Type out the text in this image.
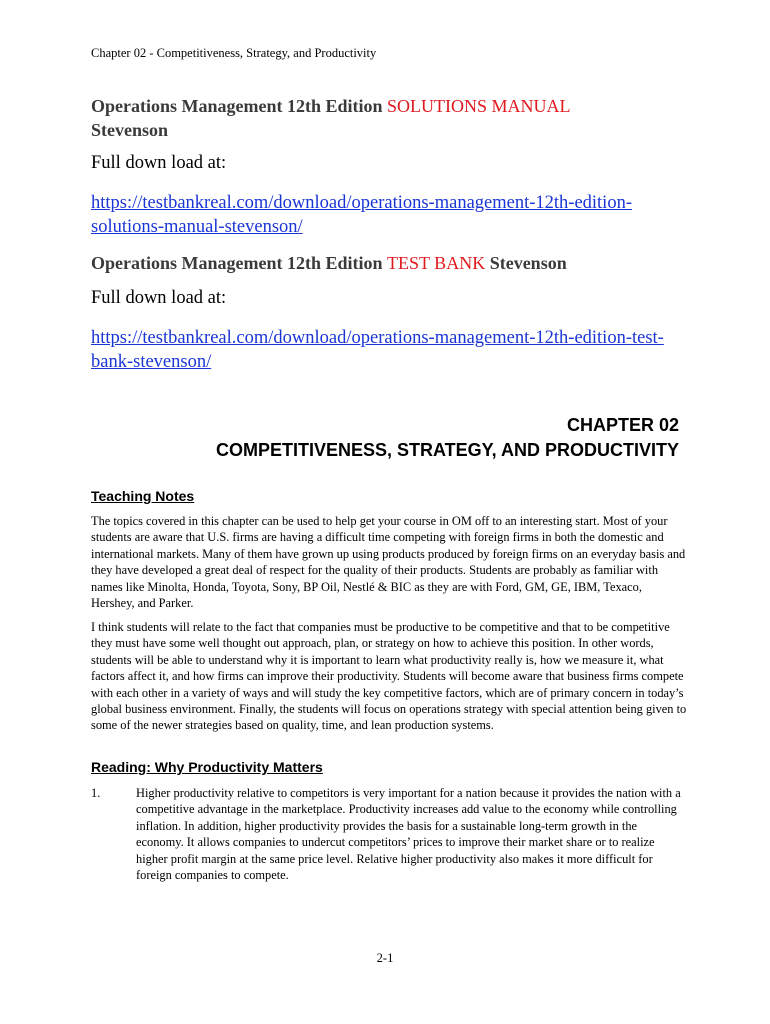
Chapter 02 - Competitiveness, Strategy, and Productivity
Operations Management 12th Edition SOLUTIONS MANUAL
Stevenson
Full down load at:
https://testbankreal.com/download/operations-management-12th-edition-
solutions-manual-stevenson/
Operations Management 12th Edition TEST BANK Stevenson
Full down load at:
https://testbankreal.com/download/operations-management-12th-edition-test-
bank-stevenson/
CHAPTER 02
COMPETITIVENESS, STRATEGY, AND PRODUCTIVITY
Teaching Notes

The topics covered in this chapter can be used to help get your course in OM off to an interesting start. Most of your students are aware that U.S. firms are having a difficult time competing with foreign firms in both the domestic and international markets. Many of them have grown up using products produced by foreign firms on an everyday basis and they have developed a great deal of respect for the quality of their products. Students are probably as familiar with names like Minolta, Honda, Toyota, Sony, BP Oil, Nestlé & BIC as they are with Ford, GM, GE, IBM, Texaco, Hershey, and Parker.

I think students will relate to the fact that companies must be productive to be competitive and that to be competitive they must have some well thought out approach, plan, or strategy on how to achieve this position. In other words, students will be able to understand why it is important to learn what productivity really is, how we measure it, what factors affect it, and how firms can improve their productivity. Students will become aware that business firms compete with each other in a variety of ways and will study the key competitive factors, which are of primary concern in today’s global business environment. Finally, the students will focus on operations strategy with special attention being given to some of the newer strategies based on quality, time, and lean production systems.

Reading: Why Productivity Matters
1.	Higher productivity relative to competitors is very important for a nation because it provides the nation with a competitive advantage in the marketplace. Productivity increases add value to the economy while controlling inflation. In addition, higher productivity provides the basis for a sustainable long-term growth in the economy. It allows companies to undercut competitors’ prices to improve their market share or to realize higher profit margin at the same price level. Relative higher productivity also makes it more difficult for foreign companies to compete.
2-1
